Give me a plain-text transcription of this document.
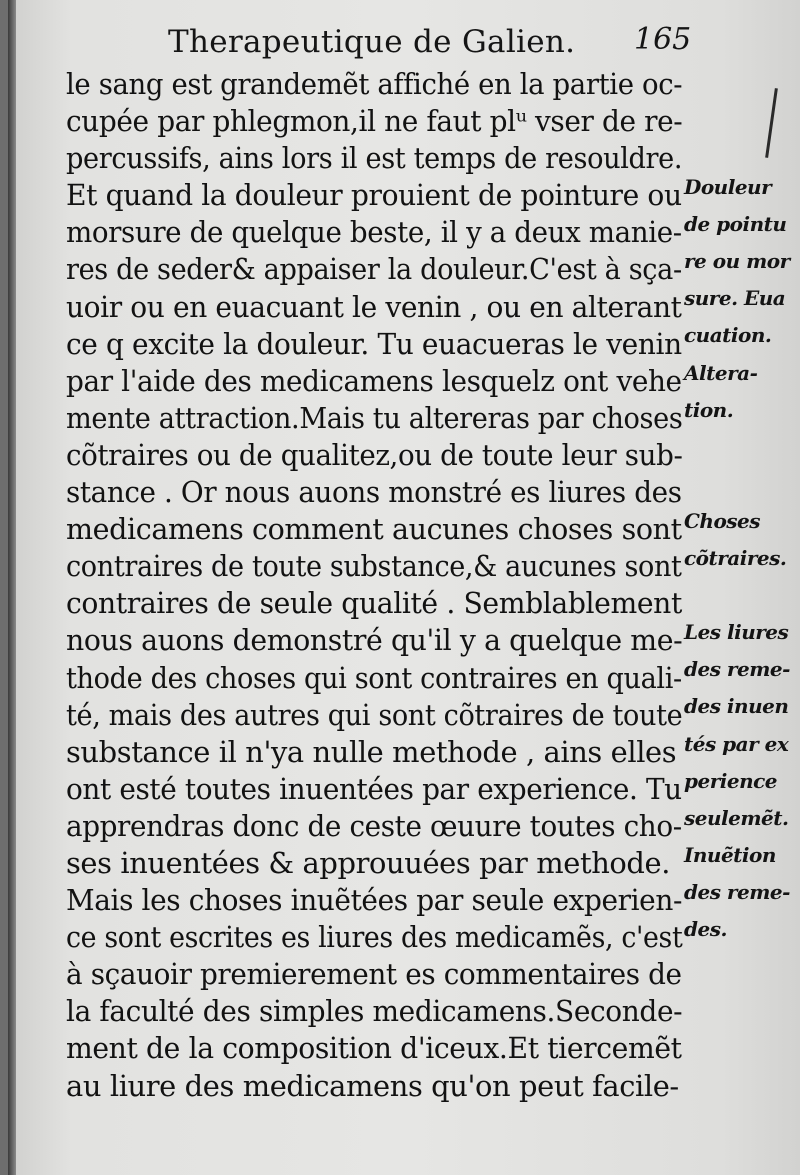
Therapeutique de Galien. 165
le sang est grandemẽt affiché en la partie oc-
cupée par phlegmon,il ne faut plᵘ vser de re-
percussifs, ains lors il est temps de resouldre.
Et quand la douleur prouient de pointure ou
morsure de quelque beste, il y a deux manie-
res de seder& appaiser la douleur.C'est à sça-
uoir ou en euacuant le venin , ou en alterant
ce q excite la douleur. Tu euacueras le venin
par l'aide des medicamens lesquelz ont vehe
mente attraction.Mais tu altereras par choses
cõtraires ou de qualitez,ou de toute leur sub-
stance . Or nous auons monstré es liures des
medicamens comment aucunes choses sont
contraires de toute substance,& aucunes sont
contraires de seule qualité . Semblablement
nous auons demonstré qu'il y a quelque me-
thode des choses qui sont contraires en quali-
té, mais des autres qui sont cõtraires de toute
substance il n'ya nulle methode , ains elles
ont esté toutes inuentées par experience. Tu
apprendras donc de ceste œuure toutes cho-
ses inuentées & approuuées par methode.
Mais les choses inuẽtées par seule experien-
ce sont escrites es liures des medicamẽs, c'est
à sçauoir premierement es commentaires de
la faculté des simples medicamens.Seconde-
ment de la composition d'iceux.Et tiercemẽt
au liure des medicamens qu'on peut facile-
Douleur
de pointu
re ou mor
sure. Eua
cuation.
Altera-
tion.
Choses
cõtraires.
Les liures
des reme-
des inuen
tés par ex
perience
seulemẽt.
Inuẽtion
des reme-
des.
